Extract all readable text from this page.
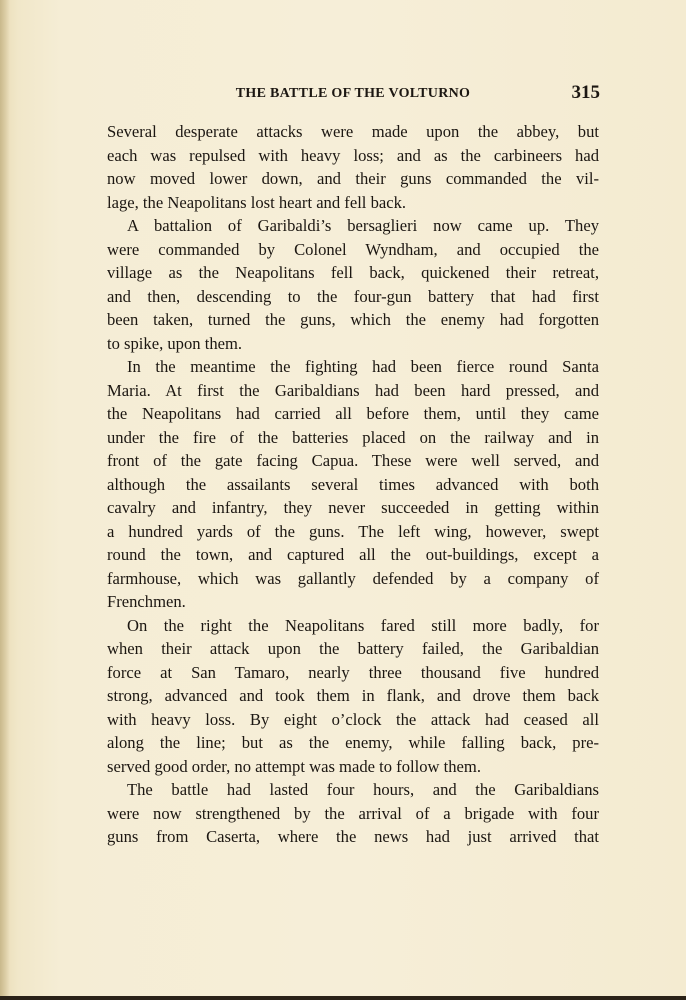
THE BATTLE OF THE VOLTURNO	315
Several desperate attacks were made upon the abbey, but
each was repulsed with heavy loss; and as the carbineers had
now moved lower down, and their guns commanded the vil-
lage, the Neapolitans lost heart and fell back.
A battalion of Garibaldi’s bersaglieri now came up. They
were commanded by Colonel Wyndham, and occupied the
village as the Neapolitans fell back, quickened their retreat,
and then, descending to the four-gun battery that had first
been taken, turned the guns, which the enemy had forgotten
to spike, upon them.
In the meantime the fighting had been fierce round Santa
Maria. At first the Garibaldians had been hard pressed, and
the Neapolitans had carried all before them, until they came
under the fire of the batteries placed on the railway and in
front of the gate facing Capua. These were well served, and
although the assailants several times advanced with both
cavalry and infantry, they never succeeded in getting within
a hundred yards of the guns. The left wing, however, swept
round the town, and captured all the out-buildings, except a
farmhouse, which was gallantly defended by a company of
Frenchmen.
On the right the Neapolitans fared still more badly, for
when their attack upon the battery failed, the Garibaldian
force at San Tamaro, nearly three thousand five hundred
strong, advanced and took them in flank, and drove them back
with heavy loss. By eight o’clock the attack had ceased all
along the line; but as the enemy, while falling back, pre-
served good order, no attempt was made to follow them.
The battle had lasted four hours, and the Garibaldians
were now strengthened by the arrival of a brigade with four
guns from Caserta, where the news had just arrived that
